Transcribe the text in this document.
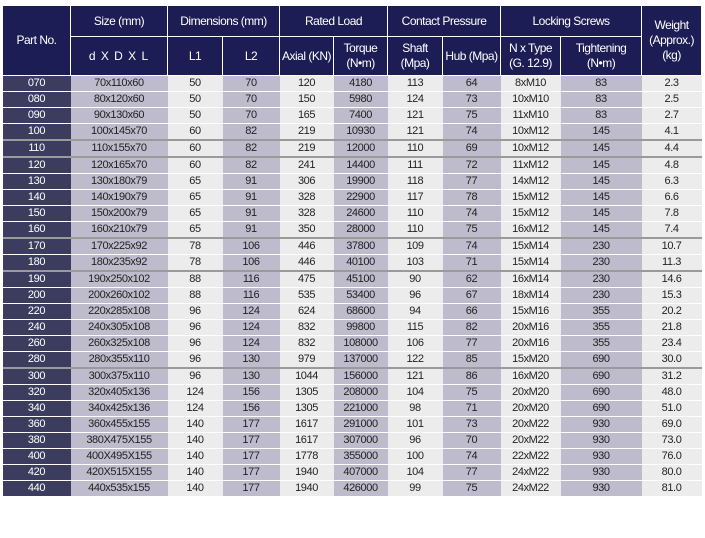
Part No.	Size (mm)	Dimensions (mm)		Rated Load		Contact Pressure		Locking Screws		Weight (Approx.) (kg)
	d X D X L	L1	L2	Axial (KN)	Torque (N•m)	Shaft (Mpa)	Hub (Mpa)	N x Type (G. 12.9)	Tightening (N•m)	
070	70x110x60	50	70	120	4180	113	64	8xM10	83	2.3
080	80x120x60	50	70	150	5980	124	73	10xM10	83	2.5
090	90x130x60	50	70	165	7400	121	75	11xM10	83	2.7
100	100x145x70	60	82	219	10930	121	74	10xM12	145	4.1
110	110x155x70	60	82	219	12000	110	69	10xM12	145	4.4
120	120x165x70	60	82	241	14400	111	72	11xM12	145	4.8
130	130x180x79	65	91	306	19900	118	77	14xM12	145	6.3
140	140x190x79	65	91	328	22900	117	78	15xM12	145	6.6
150	150x200x79	65	91	328	24600	110	74	15xM12	145	7.8
160	160x210x79	65	91	350	28000	110	75	16xM12	145	7.4
170	170x225x92	78	106	446	37800	109	74	15xM14	230	10.7
180	180x235x92	78	106	446	40100	103	71	15xM14	230	11.3
190	190x250x102	88	116	475	45100	90	62	16xM14	230	14.6
200	200x260x102	88	116	535	53400	96	67	18xM14	230	15.3
220	220x285x108	96	124	624	68600	94	66	15xM16	355	20.2
240	240x305x108	96	124	832	99800	115	82	20xM16	355	21.8
260	260x325x108	96	124	832	108000	106	77	20xM16	355	23.4
280	280x355x110	96	130	979	137000	122	85	15xM20	690	30.0
300	300x375x110	96	130	1044	156000	121	86	16xM20	690	31.2
320	320x405x136	124	156	1305	208000	104	75	20xM20	690	48.0
340	340x425x136	124	156	1305	221000	98	71	20xM20	690	51.0
360	360x455x155	140	177	1617	291000	101	73	20xM22	930	69.0
380	380X475X155	140	177	1617	307000	96	70	20xM22	930	73.0
400	400X495X155	140	177	1778	355000	100	74	22xM22	930	76.0
420	420X515X155	140	177	1940	407000	104	77	24xM22	930	80.0
440	440x535x155	140	177	1940	426000	99	75	24xM22	930	81.0
